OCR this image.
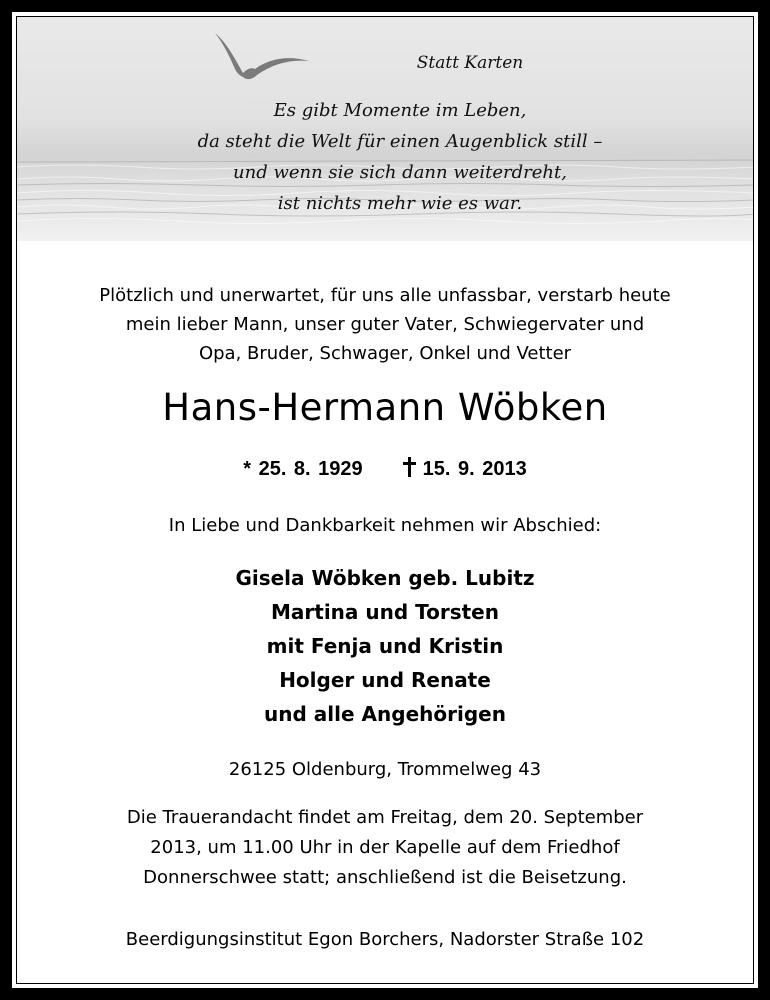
Statt Karten
Es gibt Momente im Leben,
da steht die Welt für einen Augenblick still –
und wenn sie sich dann weiterdreht,
ist nichts mehr wie es war.
Plötzlich und unerwartet, für uns alle unfassbar, verstarb heute
mein lieber Mann, unser guter Vater, Schwiegervater und
Opa, Bruder, Schwager, Onkel und Vetter
Hans-Hermann Wöbken
* 25. 8. 1929	15. 9. 2013
In Liebe und Dankbarkeit nehmen wir Abschied:
Gisela Wöbken geb. Lubitz
Martina und Torsten
mit Fenja und Kristin
Holger und Renate
und alle Angehörigen
26125 Oldenburg, Trommelweg 43
Die Trauerandacht findet am Freitag, dem 20. September
2013, um 11.00 Uhr in der Kapelle auf dem Friedhof
Donnerschwee statt; anschließend ist die Beisetzung.
Beerdigungsinstitut Egon Borchers, Nadorster Straße 102
